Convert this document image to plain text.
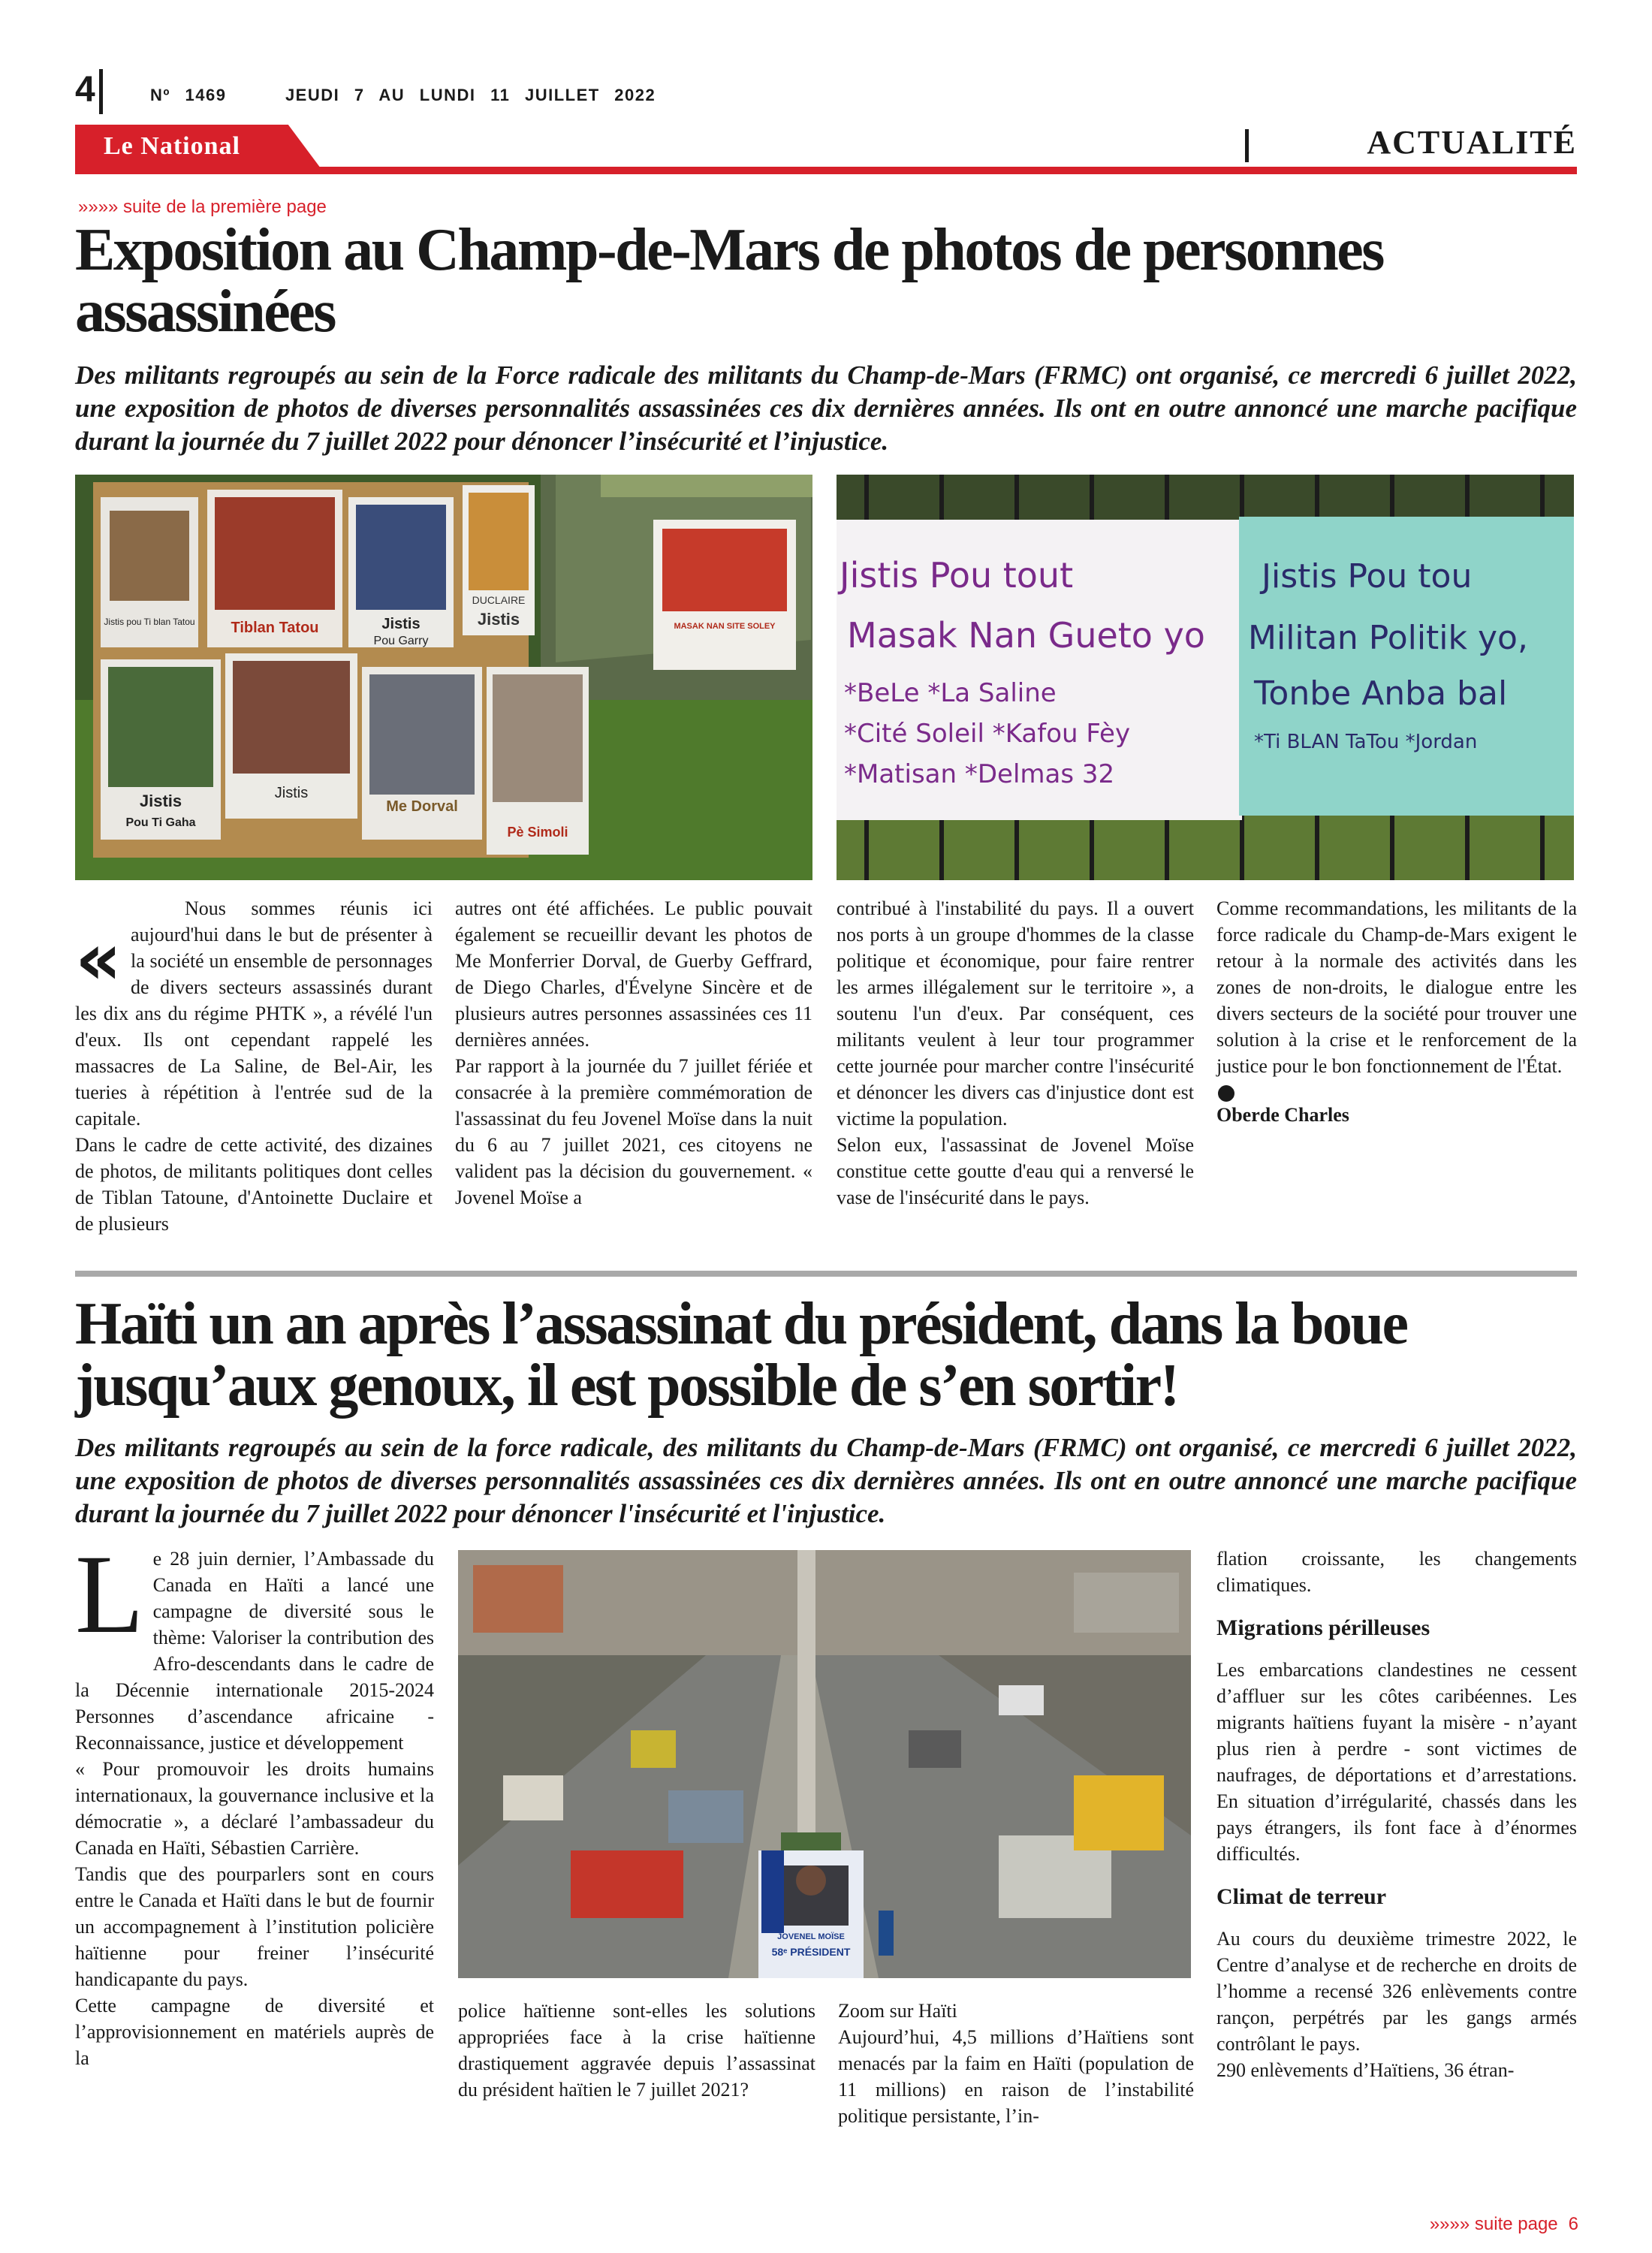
4	Nº 1469	JEUDI 7 AU LUNDI 11 JUILLET 2022
Le National	ACTUALITÉ
»»»» suite de la première page
Exposition au Champ-de-Mars de photos de personnes assassinées
Des militants regroupés au sein de la Force radicale des militants du Champ-de-Mars (FRMC) ont organisé, ce mercredi 6 juillet 2022, une exposition de photos de diverses personnalités assassinées ces dix dernières années. Ils ont en outre annoncé une marche pacifique durant la journée du 7 juillet 2022 pour dénoncer l’insécurité et l’injustice.
Jistis pou Ti blan Tatou Tiblan Tatou	Jistis
Pou Garry
DUCLAIRE
Jistis	MASAK NAN SITE SOLEY
Jistis
Pou Ti Gaha
Jistis
Me Dorval
Pè Simoli
Jistis Pou tout
Masak Nan Gueto yo
*BeLe *La Saline
*Cité Soleil *Kafou Fèy
*Matisan *Delmas 32
Jistis Pou tou
Militan Politik yo,
Tonbe Anba bal
*Ti BLAN TaTou *Jordan
«

Nous sommes réunis ici aujourd'hui dans le but de présenter à la société un ensemble de personnages de divers secteurs assassinés durant les dix ans du régime PHTK », a révélé l'un d'eux. Ils ont cependant rappelé les massacres de La Saline, de Bel-Air, les tueries à répétition à l'entrée sud de la capitale.

Dans le cadre de cette activité, des dizaines de photos, de militants politiques dont celles de Tiblan Tatoune, d'Antoinette Duclaire et de plusieurs

autres ont été affichées. Le public pouvait également se recueillir devant les photos de Me Monferrier Dorval, de Guerby Geffrard, de Diego Charles, d'Évelyne Sincère et de plusieurs autres personnes assassinées ces 11 dernières années.

Par rapport à la journée du 7 juillet fériée et consacrée à la première commémoration de l'assassinat du feu Jovenel Moïse dans la nuit du 6 au 7 juillet 2021, ces citoyens ne valident pas la décision du gouvernement. « Jovenel Moïse a

contribué à l'instabilité du pays. Il a ouvert nos ports à un groupe d'hommes de la classe politique et économique, pour faire rentrer les armes illégalement sur le territoire », a soutenu l'un d'eux. Par conséquent, ces militants veulent à leur tour programmer cette journée pour marcher contre l'insécurité et dénoncer les divers cas d'injustice dont est victime la population.

Selon eux, l'assassinat de Jovenel Moïse constitue cette goutte d'eau qui a renversé le vase de l'insécurité dans le pays.

Comme recommandations, les militants de la force radicale du Champ-de-Mars exigent le retour à la normale des activités dans les zones de non-droits, le dialogue entre les divers secteurs de la société pour trouver une solution à la crise et le renforcement de la justice pour le bon fonctionnement de l'État.

Oberde Charles

Haïti un an après l’assassinat du président, dans la boue jusqu’aux genoux, il est possible de s’en sortir!
Des militants regroupés au sein de la force radicale, des militants du Champ-de-Mars (FRMC) ont organisé, ce mercredi 6 juillet 2022, une exposition de photos de diverses personnalités assassinées ces dix dernières années. Ils ont en outre annoncé une marche pacifique durant la journée du 7 juillet 2022 pour dénoncer l'insécurité et l'injustice.
L e 28 juin dernier, l’Ambassade du Canada en Haïti a lancé une campagne de diversité sous le thème: Valoriser la contribution des Afro-descendants dans le cadre de la Décennie internationale 2015-2024 Personnes d’ascendance africaine - Reconnaissance, justice et développement

« Pour promouvoir les droits humains internationaux, la gouvernance inclusive et la démocratie », a déclaré l’ambassadeur du Canada en Haïti, Sébastien Carrière.

Tandis que des pourparlers sont en cours entre le Canada et Haïti dans le but de fournir un accompagnement à l’institution policière haïtienne pour freiner l’insécurité handicapante du pays.

Cette campagne de diversité et l’approvisionnement en matériels auprès de la

JOVENEL MOÏSE
58ᵉ PRÉSIDENT

police haïtienne sont-elles les solutions appropriées face à la crise haïtienne drastiquement aggravée depuis l’assassinat du président haïtien le 7 juillet 2021?

Zoom sur Haïti

Aujourd’hui, 4,5 millions d’Haïtiens sont menacés par la faim en Haïti (population de 11 millions) en raison de l’instabilité politique persistante, l’in-

flation croissante, les changements climatiques.

Migrations périlleuses

Les embarcations clandestines ne cessent d’affluer sur les côtes caribéennes. Les migrants haïtiens fuyant la misère - n’ayant plus rien à perdre - sont victimes de naufrages, de déportations et d’arrestations. En situation d’irrégularité, chassés dans les pays étrangers, ils font face à d’énormes difficultés.

Climat de terreur

Au cours du deuxième trimestre 2022, le Centre d’analyse et de recherche en droits de l’homme a recensé 326 enlèvements contre rançon, perpétrés par les gangs armés contrôlant le pays.

290 enlèvements d’Haïtiens, 36 étran-

»»»» suite page 6
